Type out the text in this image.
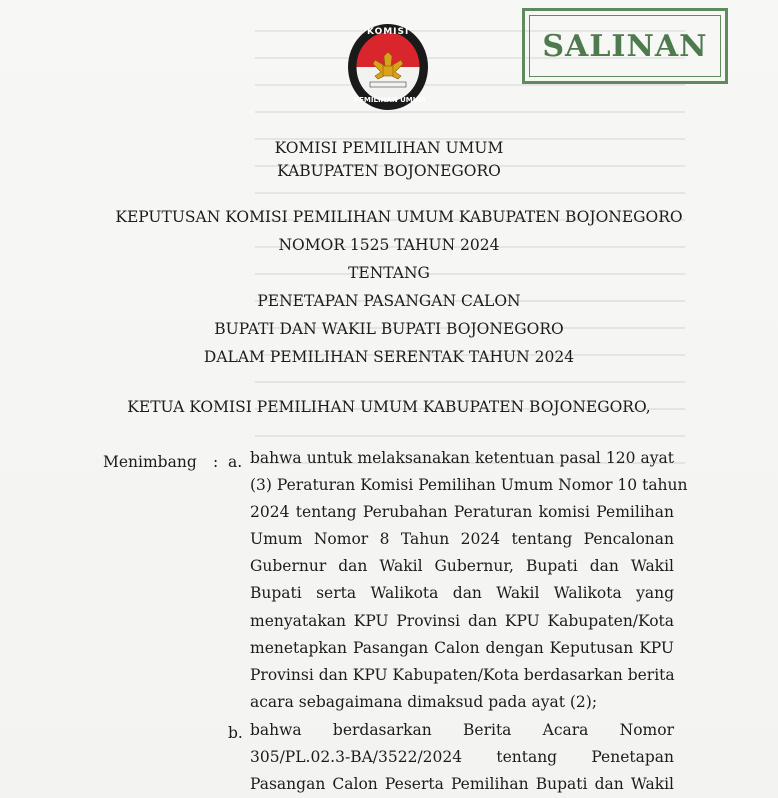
KOMISI
PEMILIHAN UMUM
SALINAN
KOMISI PEMILIHAN UMUM
KABUPATEN BOJONEGORO
KEPUTUSAN KOMISI PEMILIHAN UMUM KABUPATEN BOJONEGORO
NOMOR 1525 TAHUN 2024
TENTANG
PENETAPAN PASANGAN CALON
BUPATI DAN WAKIL BUPATI BOJONEGORO
DALAM PEMILIHAN SERENTAK TAHUN 2024
KETUA KOMISI PEMILIHAN UMUM KABUPATEN BOJONEGORO,
Menimbang : a. bahwa untuk melaksanakan ketentuan pasal 120 ayat
(3) Peraturan Komisi Pemilihan Umum Nomor 10 tahun
2024 tentang Perubahan Peraturan komisi Pemilihan
Umum Nomor 8 Tahun 2024 tentang Pencalonan
Gubernur dan Wakil Gubernur, Bupati dan Wakil
Bupati serta Walikota dan Wakil Walikota yang
menyatakan KPU Provinsi dan KPU Kabupaten/Kota
menetapkan Pasangan Calon dengan Keputusan KPU
Provinsi dan KPU Kabupaten/Kota berdasarkan berita
acara sebagaimana dimaksud pada ayat (2);
b. bahwa berdasarkan Berita Acara Nomor
305/PL.02.3-BA/3522/2024 tentang Penetapan
Pasangan Calon Peserta Pemilihan Bupati dan Wakil
